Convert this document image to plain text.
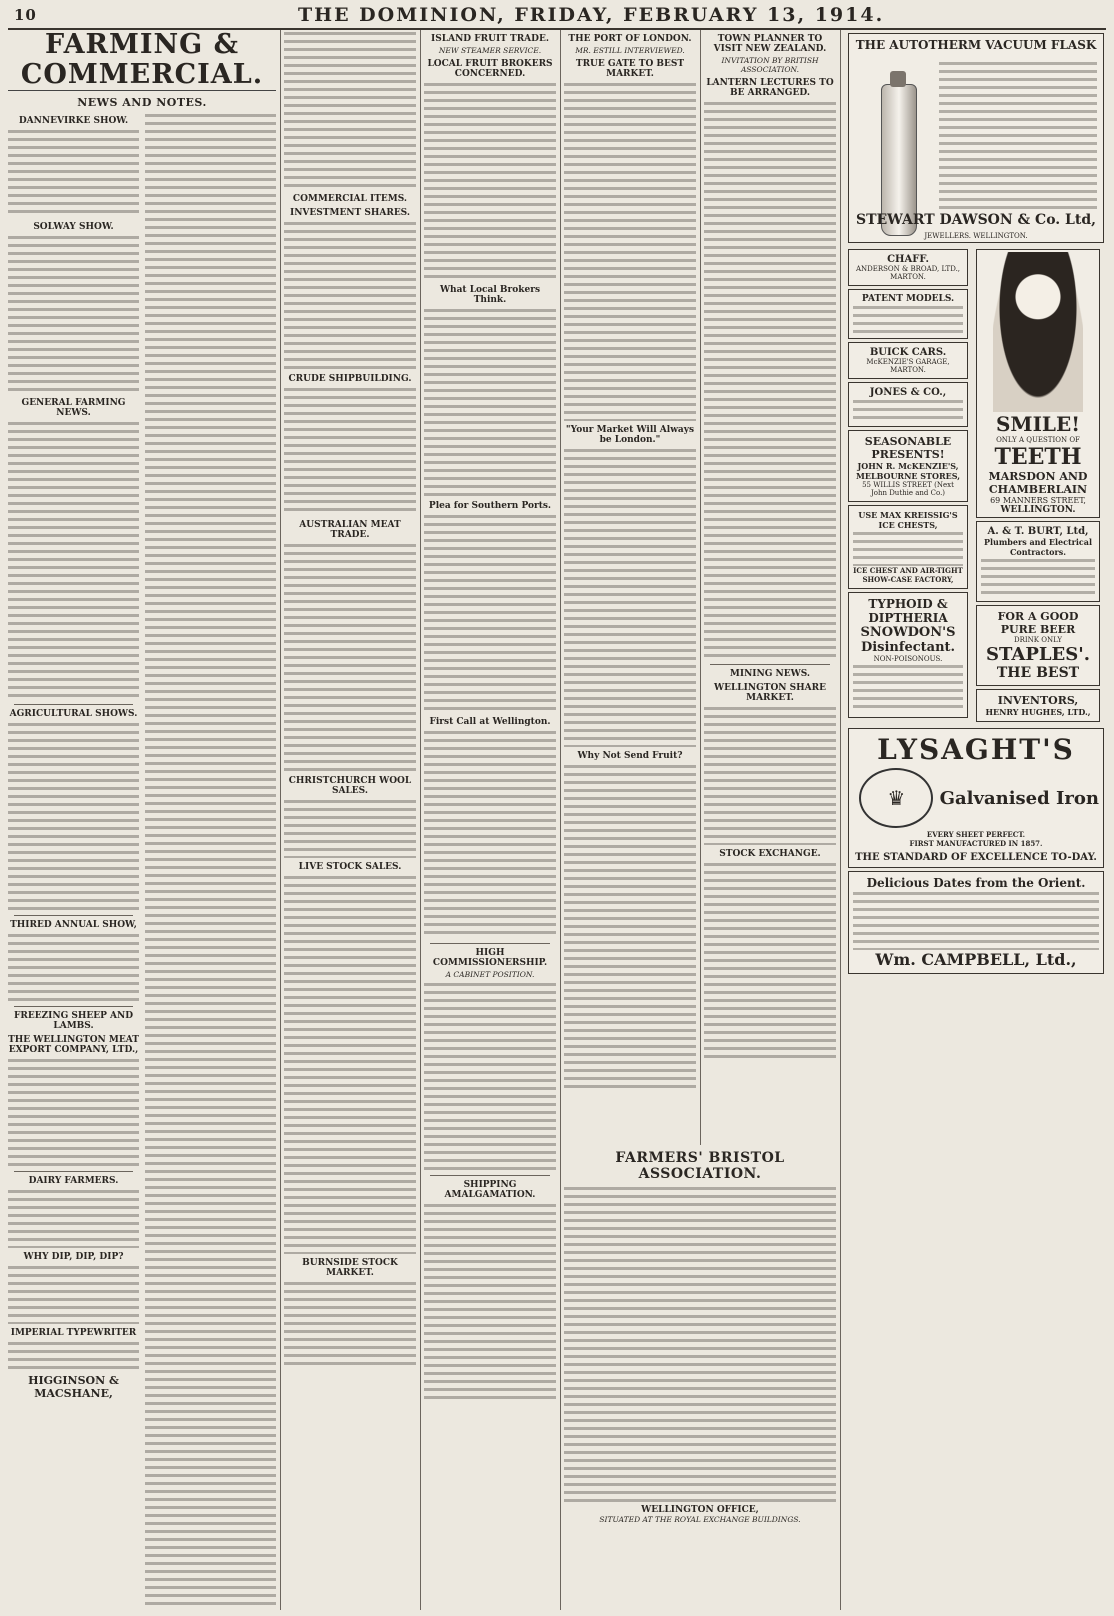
10	THE DOMINION, FRIDAY, FEBRUARY 13, 1914.
FARMING & COMMERCIAL.
NEWS AND NOTES.
DANNEVIRKE SHOW.
SOLWAY SHOW.
GENERAL FARMING NEWS.
AGRICULTURAL SHOWS.
THIRED ANNUAL SHOW,
FREEZING SHEEP AND LAMBS.
THE WELLINGTON MEAT EXPORT COMPANY, LTD.,
DAIRY FARMERS.
WHY DIP, DIP, DIP?
IMPERIAL TYPEWRITER
HIGGINSON & MACSHANE,
COMMERCIAL ITEMS.
INVESTMENT SHARES.
CRUDE SHIPBUILDING.
AUSTRALIAN MEAT TRADE.
CHRISTCHURCH WOOL SALES.
LIVE STOCK SALES.
BURNSIDE STOCK MARKET.
ISLAND FRUIT TRADE.
NEW STEAMER SERVICE.
LOCAL FRUIT BROKERS CONCERNED.
What Local Brokers Think.
Plea for Southern Ports.
First Call at Wellington.
HIGH COMMISSIONERSHIP.
A CABINET POSITION.
SHIPPING AMALGAMATION.
THE PORT OF LONDON.
MR. ESTILL INTERVIEWED.
TRUE GATE TO BEST MARKET.
"Your Market Will Always be London."
Why Not Send Fruit?
TOWN PLANNER TO VISIT NEW ZEALAND.
INVITATION BY BRITISH ASSOCIATION.
LANTERN LECTURES TO BE ARRANGED.
MINING NEWS.
WELLINGTON SHARE MARKET.
STOCK EXCHANGE.
FARMERS' BRISTOL ASSOCIATION.
WELLINGTON OFFICE,
SITUATED AT THE ROYAL EXCHANGE BUILDINGS.
THE AUTOTHERM VACUUM FLASK
STEWART DAWSON & Co. Ltd,
JEWELLERS. WELLINGTON.
CHAFF.
ANDERSON & BROAD, LTD., MARTON.
PATENT MODELS.
BUICK CARS.
McKENZIE'S GARAGE, MARTON.
JONES & CO.,
SEASONABLE PRESENTS!
JOHN R. McKENZIE'S, MELBOURNE STORES,
55 WILLIS STREET (Next John Duthie and Co.)
USE MAX KREISSIG'S ICE CHESTS,
ICE CHEST AND AIR-TIGHT SHOW-CASE FACTORY,
TYPHOID & DIPTHERIA
SNOWDON'S Disinfectant.
NON-POISONOUS.
SMILE!
ONLY A QUESTION OF
TEETH
MARSDON AND CHAMBERLAIN
69 MANNERS STREET,
WELLINGTON.
A. & T. BURT, Ltd,
Plumbers and Electrical Contractors.
FOR A GOOD PURE BEER
DRINK ONLY
STAPLES'.
THE BEST
INVENTORS,
HENRY HUGHES, LTD.,
LYSAGHT'S
♛	Galvanised Iron
EVERY SHEET PERFECT.
FIRST MANUFACTURED IN 1857.
THE STANDARD OF EXCELLENCE TO-DAY.
Delicious Dates from the Orient.
Wm. CAMPBELL, Ltd.,
